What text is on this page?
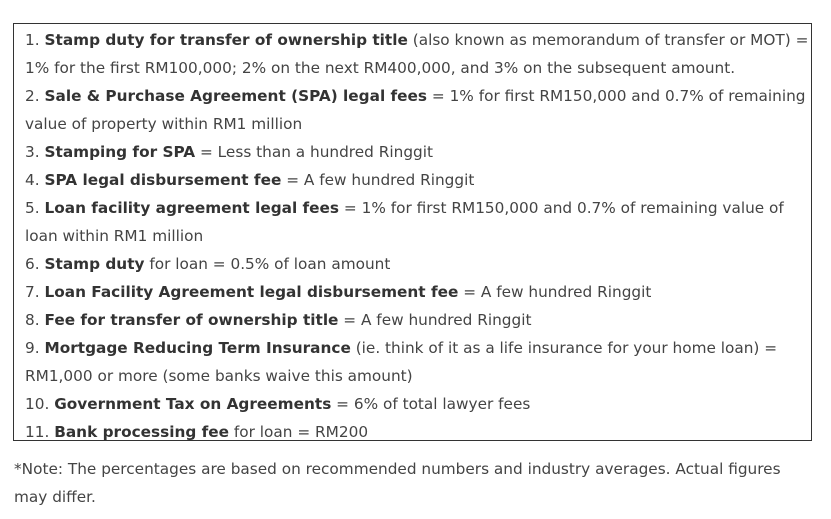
1. Stamp duty for transfer of ownership title (also known as memorandum of transfer or MOT) = 1% for the first RM100,000; 2% on the next RM400,000, and 3% on the subsequent amount.

2. Sale & Purchase Agreement (SPA) legal fees = 1% for first RM150,000 and 0.7% of remaining value of property within RM1 million

3. Stamping for SPA = Less than a hundred Ringgit

4. SPA legal disbursement fee = A few hundred Ringgit

5. Loan facility agreement legal fees = 1% for first RM150,000 and 0.7% of remaining value of loan within RM1 million

6. Stamp duty for loan = 0.5% of loan amount

7. Loan Facility Agreement legal disbursement fee = A few hundred Ringgit

8. Fee for transfer of ownership title = A few hundred Ringgit

9. Mortgage Reducing Term Insurance (ie. think of it as a life insurance for your home loan) = RM1,000 or more (some banks waive this amount)

10. Government Tax on Agreements = 6% of total lawyer fees

11. Bank processing fee for loan = RM200

*Note: The percentages are based on recommended numbers and industry averages. Actual figures may differ.
